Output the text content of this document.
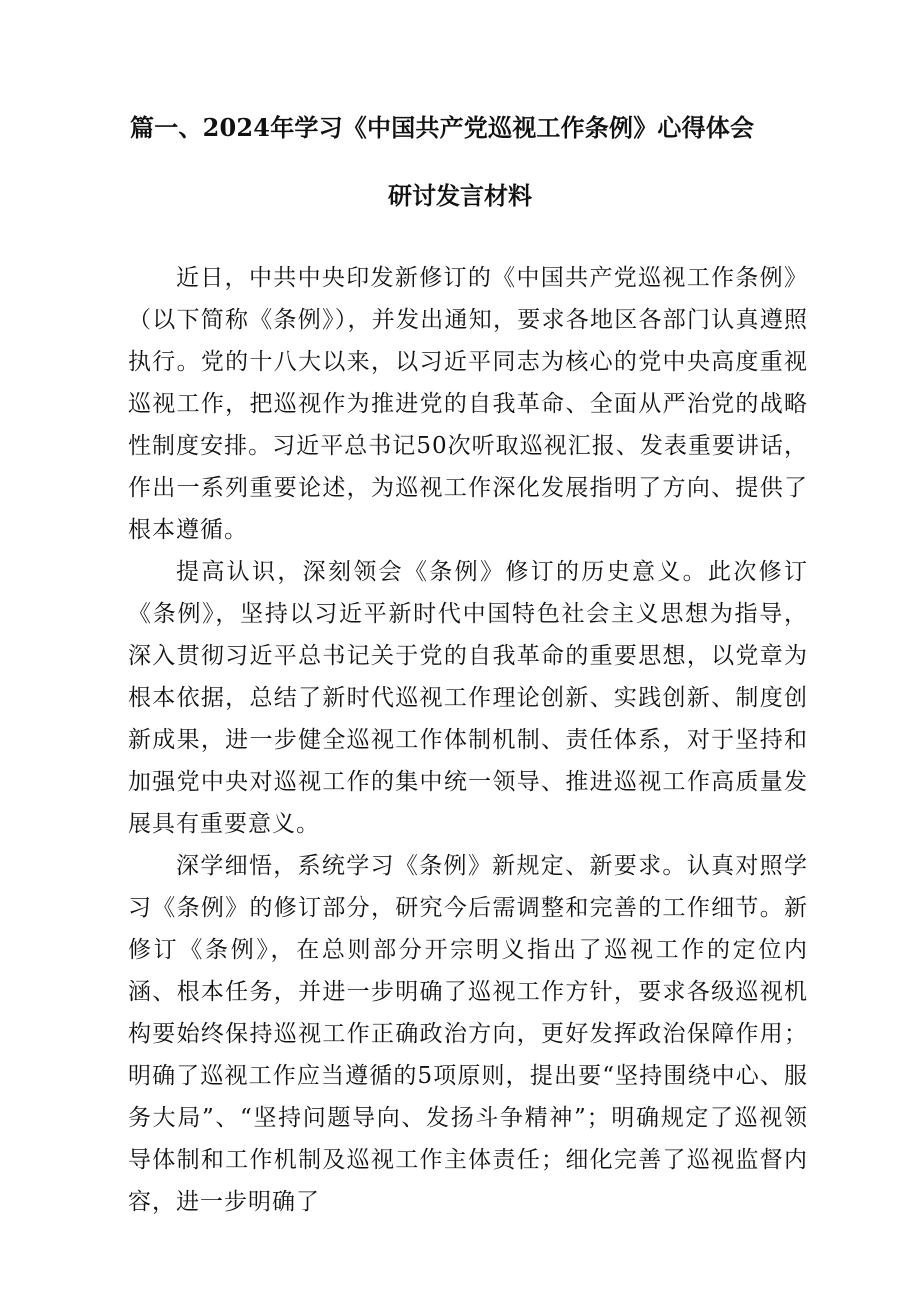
篇一、2024年学习《中国共产党巡视工作条例》心得体会
研讨发言材料

近日，中共中央印发新修订的《中国共产党巡视工作条例》（以下简称《条例》），并发出通知，要求各地区各部门认真遵照执行。党的十八大以来，以习近平同志为核心的党中央高度重视巡视工作，把巡视作为推进党的自我革命、全面从严治党的战略性制度安排。习近平总书记50次听取巡视汇报、发表重要讲话，作出一系列重要论述，为巡视工作深化发展指明了方向、提供了根本遵循。

提高认识，深刻领会《条例》修订的历史意义。此次修订《条例》，坚持以习近平新时代中国特色社会主义思想为指导，深入贯彻习近平总书记关于党的自我革命的重要思想，以党章为根本依据，总结了新时代巡视工作理论创新、实践创新、制度创新成果，进一步健全巡视工作体制机制、责任体系，对于坚持和加强党中央对巡视工作的集中统一领导、推进巡视工作高质量发展具有重要意义。

深学细悟，系统学习《条例》新规定、新要求。认真对照学习《条例》的修订部分，研究今后需调整和完善的工作细节。新修订《条例》，在总则部分开宗明义指出了巡视工作的定位内涵、根本任务，并进一步明确了巡视工作方针，要求各级巡视机构要始终保持巡视工作正确政治方向，更好发挥政治保障作用；明确了巡视工作应当遵循的5项原则，提出要“坚持围绕中心、服务大局”、“坚持问题导向、发扬斗争精神”；明确规定了巡视领导体制和工作机制及巡视工作主体责任；细化完善了巡视监督内容，进一步明确了
